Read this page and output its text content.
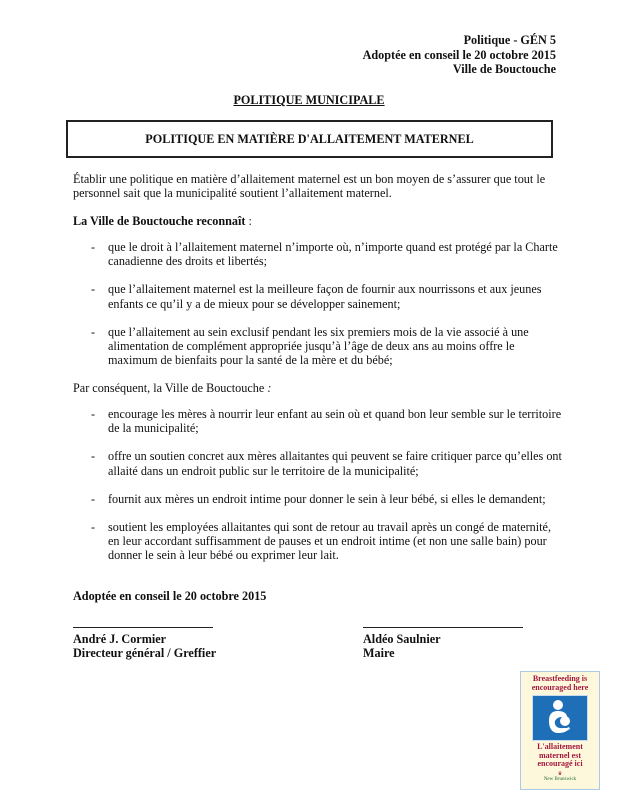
Politique - GÉN 5
Adoptée en conseil le 20 octobre 2015
Ville de Bouctouche
POLITIQUE MUNICIPALE
POLITIQUE EN MATIÈRE D'ALLAITEMENT MATERNEL
Établir une politique en matière d’allaitement maternel est un bon moyen de s’assurer que tout le personnel sait que la municipalité soutient l’allaitement maternel.
La Ville de Bouctouche reconnaît :
- que le droit à l’allaitement maternel n’importe où, n’importe quand est protégé par la Charte canadienne des droits et libertés;
- que l’allaitement maternel est la meilleure façon de fournir aux nourrissons et aux jeunes enfants ce qu’il y a de mieux pour se développer sainement;
- que l’allaitement au sein exclusif pendant les six premiers mois de la vie associé à une alimentation de complément appropriée jusqu’à l’âge de deux ans au moins offre le maximum de bienfaits pour la santé de la mère et du bébé;
Par conséquent, la Ville de Bouctouche :
- encourage les mères à nourrir leur enfant au sein où et quand bon leur semble sur le territoire de la municipalité;
- offre un soutien concret aux mères allaitantes qui peuvent se faire critiquer parce qu’elles ont allaité dans un endroit public sur le territoire de la municipalité;
- fournit aux mères un endroit intime pour donner le sein à leur bébé, si elles le demandent;
- soutient les employées allaitantes qui sont de retour au travail après un congé de maternité, en leur accordant suffisamment de pauses et un endroit intime (et non une salle bain) pour donner le sein à leur bébé ou exprimer leur lait.
Adoptée en conseil le 20 octobre 2015
André J. Cormier
Directeur général / Greffier
Aldéo Saulnier
Maire
Breastfeeding is encouraged here
L'allaitement maternel est encouragé ici
♛
New Brunswick
